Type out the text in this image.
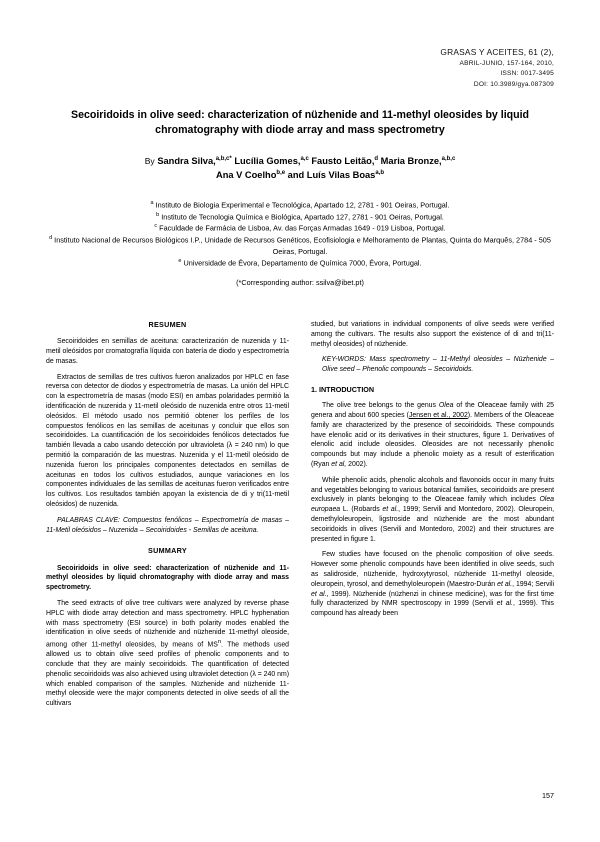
GRASAS Y ACEITES, 61 (2),
ABRIL-JUNIO, 157-164, 2010,
ISSN: 0017-3495
DOI: 10.3989/gya.087309
Secoiridoids in olive seed: characterization of nüzhenide and 11-methyl oleosides by liquid chromatography with diode array and mass spectrometry
By Sandra Silva,$^{a,b,c*}$ Lucília Gomes,$^{a,c}$ Fausto Leitão,$^d$ Maria Bronze,$^{a,b,c}$
Ana V Coelho$^{b,e}$ and Luís Vilas Boas$^{a,b}$
$^a$ Instituto de Biologia Experimental e Tecnológica, Apartado 12, 2781 - 901 Oeiras, Portugal.
$^b$ Instituto de Tecnologia Química e Biológica, Apartado 127, 2781 - 901 Oeiras, Portugal.
$^c$ Faculdade de Farmácia de Lisboa, Av. das Forças Armadas 1649 - 019 Lisboa, Portugal.
$^d$ Instituto Nacional de Recursos Biológicos I.P., Unidade de Recursos Genéticos, Ecofisiologia e Melhoramento de Plantas, Quinta do Marquês, 2784 - 505 Oeiras, Portugal.
$^e$ Universidade de Évora, Departamento de Química 7000, Évora, Portugal.
(*Corresponding author: ssilva@ibet.pt)
RESUMEN

Secoiridoides en semillas de aceituna: caracterización de nuzenida y 11-metil oleósidos por cromatografía líquida con batería de diodo y espectrometría de masas.

Extractos de semillas de tres cultivos fueron analizados por HPLC en fase reversa con detector de diodos y espectrometría de masas. La unión del HPLC con la espectrometría de masas (modo ESI) en ambas polaridades permitió la identificación de nuzenida y 11-metil oleósido de nuzenida entre otros 11-metil oleósidos. El método usado nos permitió obtener los perfiles de los compuestos fenólicos en las semillas de aceitunas y concluir que ellos son secoiridoides. La cuantificación de los secoiridoides fenólicos detectados fue también llevada a cabo usando detección por ultravioleta (λ = 240 nm) lo que permitió la comparación de las muestras. Nuzenida y el 11-metil oleósido de nuzenida fueron los principales componentes detectados en semillas de aceitunas en todos los cultivos estudiados, aunque variaciones en los componentes individuales de las semillas de aceitunas fueron verificados entre los cultivos. Los resultados también apoyan la existencia de di y tri(11-metil oleósidos) de nuzenida.

PALABRAS CLAVE: Compuestos fenólicos – Espectrometría de masas – 11-Metil oleósidos – Nuzenida – Secoiridoides - Semillas de aceituna.

SUMMARY

Secoiridoids in olive seed: characterization of nüzhenide and 11-methyl oleosides by liquid chromatography with diode array and mass spectrometry.

The seed extracts of olive tree cultivars were analyzed by reverse phase HPLC with diode array detection and mass spectrometry. HPLC hyphenation with mass spectrometry (ESI source) in both polarity modes enabled the identification in olive seeds of nüzhenide and nüzhenide 11-methyl oleoside, among other 11-methyl oleosides, by means of $MS^n$. The methods used allowed us to obtain olive seed profiles of phenolic components and to conclude that they are mainly secoiridoids. The quantification of detected phenolic secoiridoids was also achieved using ultraviolet detection (λ = 240 nm) which enabled comparison of the samples. Nüzhenide and nüzhenide 11-methyl oleoside were the major components detected in olive seeds of all the cultivars

studied, but variations in individual components of olive seeds were verified among the cultivars. The results also support the existence of di and tri(11-methyl oleosides) of nüzhenide.

KEY-WORDS: Mass spectrometry – 11-Methyl oleosides – Nüzhenide – Olive seed – Phenolic compounds – Secoiridoids.

1. INTRODUCTION

The olive tree belongs to the genus Olea of the Oleaceae family with 25 genera and about 600 species (Jensen et al., 2002). Members of the Oleaceae family are characterized by the presence of secoiridoids. These compounds have elenolic acid or its derivatives in their structures, figure 1. Derivatives of elenolic acid include oleosides. Oleosides are not necessarily phenolic compounds but may include a phenolic moiety as a result of esterification (Ryan et al, 2002).

While phenolic acids, phenolic alcohols and flavonoids occur in many fruits and vegetables belonging to various botanical families, secoiridoids are present exclusively in plants belonging to the Oleaceae family which includes Olea europaea L. (Robards et al., 1999; Servili and Montedoro, 2002). Oleuropein, demethyloleuropein, ligstroside and nüzhenide are the most abundant secoiridoids in olives (Servili and Montedoro, 2002) and their structures are presented in figure 1.

Few studies have focused on the phenolic composition of olive seeds. However some phenolic compounds have been identified in olive seeds, such as salidroside, nüzhenide, hydroxytyrosol, nüzhenide 11-methyl oleoside, oleuropein, tyrosol, and demethyloleuropein (Maestro-Durán et al., 1994; Servili et al., 1999). Nüzhenide (nüzhenzi in chinese medicine), was for the first time fully characterized by NMR spectroscopy in 1999 (Servili et al., 1999). This compound has already been

157
